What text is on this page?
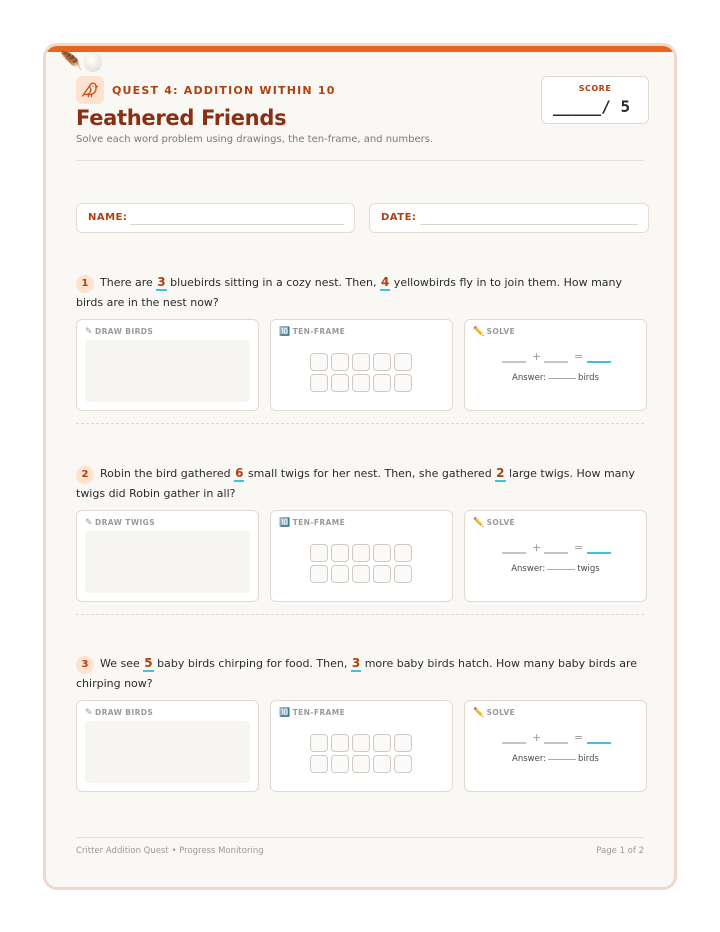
🪶
QUEST 4: ADDITION WITHIN 10
Feathered Friends
Solve each word problem using drawings, the ten-frame, and numbers.
SCORE
_____/ 5
NAME:	DATE:
1 There are 3 bluebirds sitting in a cozy nest. Then, 4 yellowbirds fly in to join them. How many birds are in the nest now?
✎ DRAW BIRDS	🔟 TEN-FRAME	✏️ SOLVE
+	=
Answer:	birds
2 Robin the bird gathered 6 small twigs for her nest. Then, she gathered 2 large twigs. How many twigs did Robin gather in all?
✎ DRAW TWIGS	🔟 TEN-FRAME	✏️ SOLVE
+	=
Answer:	twigs
3 We see 5 baby birds chirping for food. Then, 3 more baby birds hatch. How many baby birds are chirping now?
✎ DRAW BIRDS	🔟 TEN-FRAME	✏️ SOLVE
+	=
Answer:	birds
Critter Addition Quest • Progress Monitoring	Page 1 of 2
